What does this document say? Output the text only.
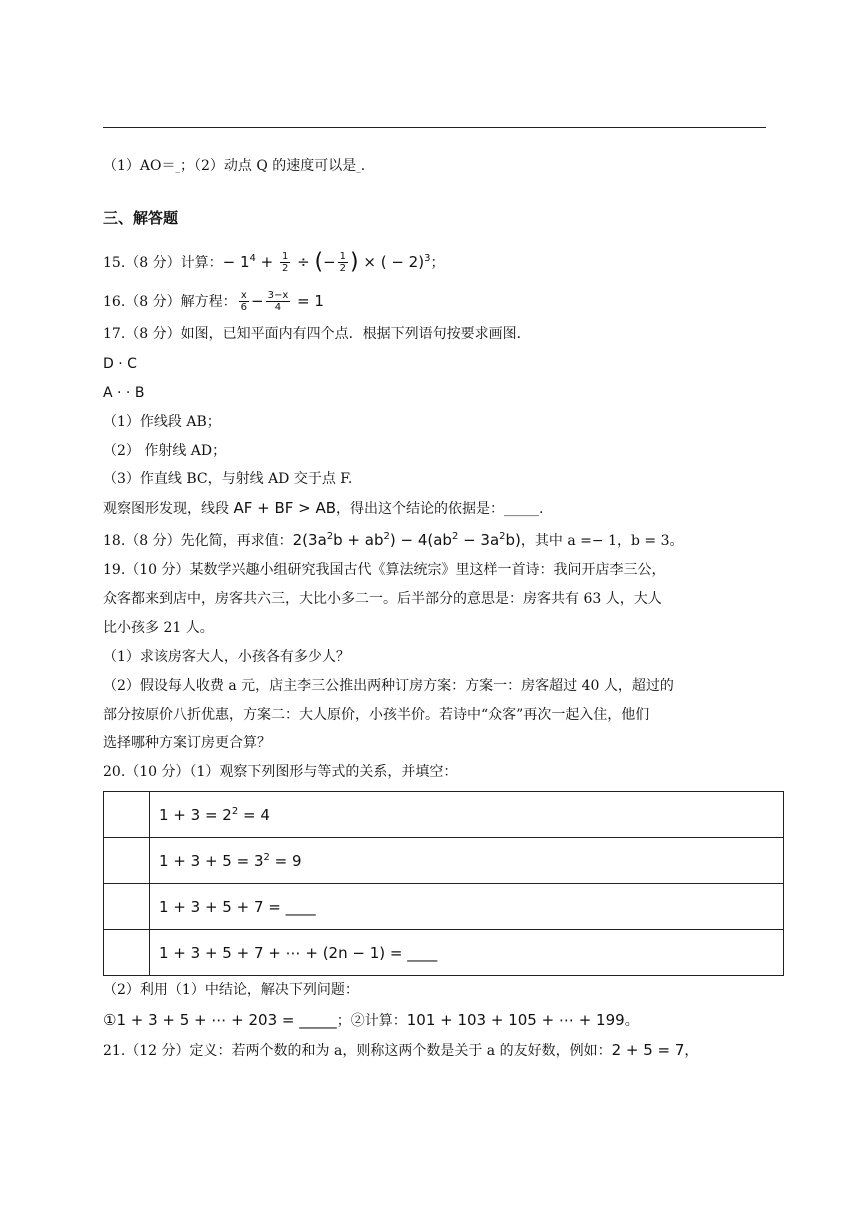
（1）AO＝_；（2）动点 Q 的速度可以是_.
三、解答题
15.（8 分）计算：− $1^4 + \frac{1}{2}$ ÷ (− $\frac{1}{2}$ ) × ( − 2)$^3$；
16.（8 分）解方程： $\frac{x}{6} - \frac{3-x}{4} = 1$
17.（8 分）如图，已知平面内有四个点．根据下列语句按要求画图．
D · C
A · · B
（1）作线段 AB；
（2） 作射线 AD；
（3）作直线 BC，与射线 AD 交于点 F.
观察图形发现，线段 AF + BF > AB，得出这个结论的依据是：_____.
18.（8 分）先化简，再求值：$2(3a^2b + ab^2) - 4(ab^2 - 3a^2b)$，其中 a =− 1，b = 3。
19.（10 分）某数学兴趣小组研究我国古代《算法统宗》里这样一首诗：我问开店李三公，
众客都来到店中，房客共六三，大比小多二一。后半部分的意思是：房客共有 63 人，大人
比小孩多 21 人。
（1）求该房客大人，小孩各有多少人？
（2）假设每人收费 a 元，店主李三公推出两种订房方案：方案一：房客超过 40 人，超过的
部分按原价八折优惠，方案二：大人原价，小孩半价。若诗中“众客”再次一起入住，他们
选择哪种方案订房更合算？
20.（10 分）（1）观察下列图形与等式的关系，并填空：
	$1 + 3 = 2^2 = 4$
	$1 + 3 + 5 = 3^2 = 9$
	1 + 3 + 5 + 7 = ____
	1 + 3 + 5 + 7 + ⋯ + (2n − 1) = ____
（2）利用（1）中结论，解决下列问题：
①1 + 3 + 5 + ⋯ + 203 = _____；②计算：101 + 103 + 105 + ⋯ + 199。
21.（12 分）定义：若两个数的和为 a，则称这两个数是关于 a 的友好数，例如：2 + 5 = 7，
